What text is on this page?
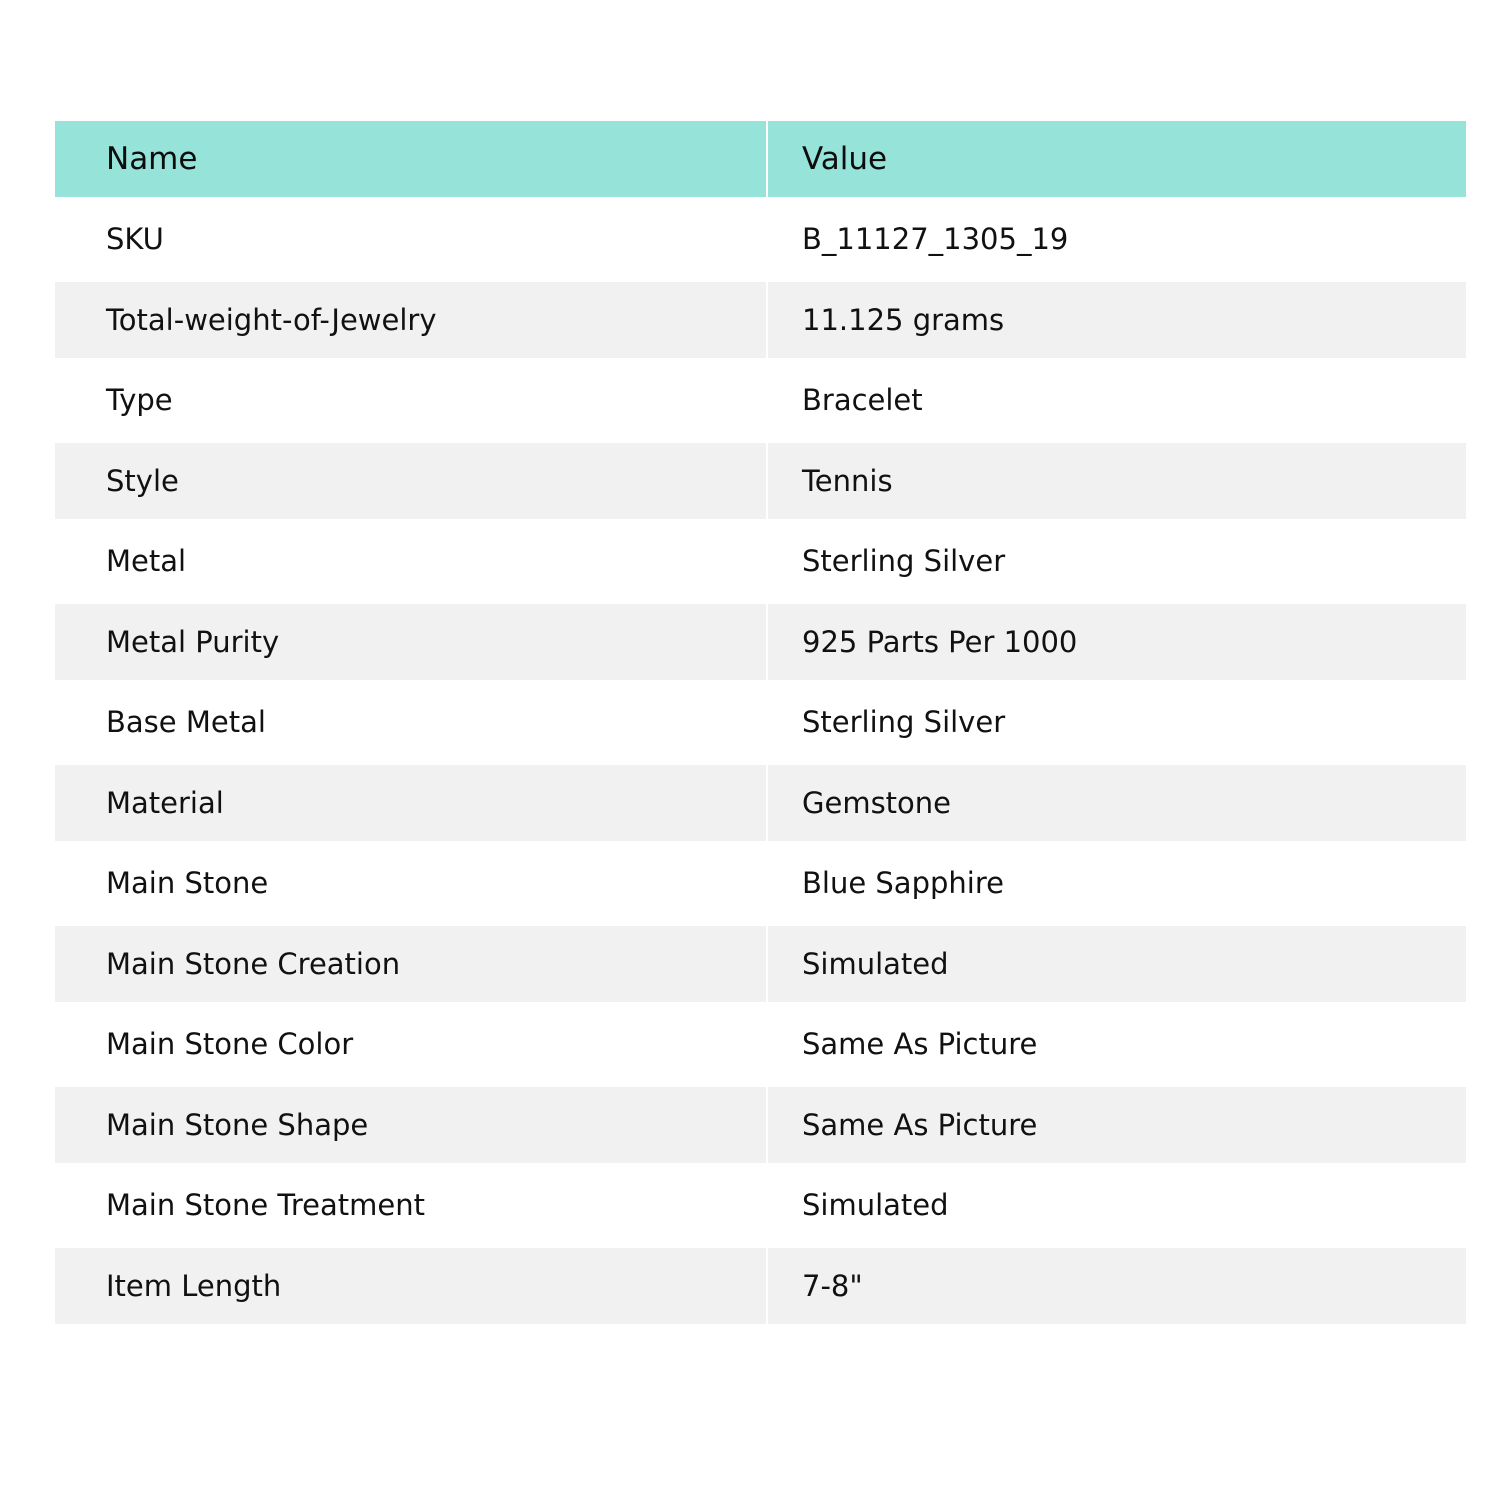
Name	Value
SKU	B_11127_1305_19
Total-weight-of-Jewelry	11.125 grams
Type	Bracelet
Style	Tennis
Metal	Sterling Silver
Metal Purity	925 Parts Per 1000
Base Metal	Sterling Silver
Material	Gemstone
Main Stone	Blue Sapphire
Main Stone Creation	Simulated
Main Stone Color	Same As Picture
Main Stone Shape	Same As Picture
Main Stone Treatment	Simulated
Item Length	7-8"
